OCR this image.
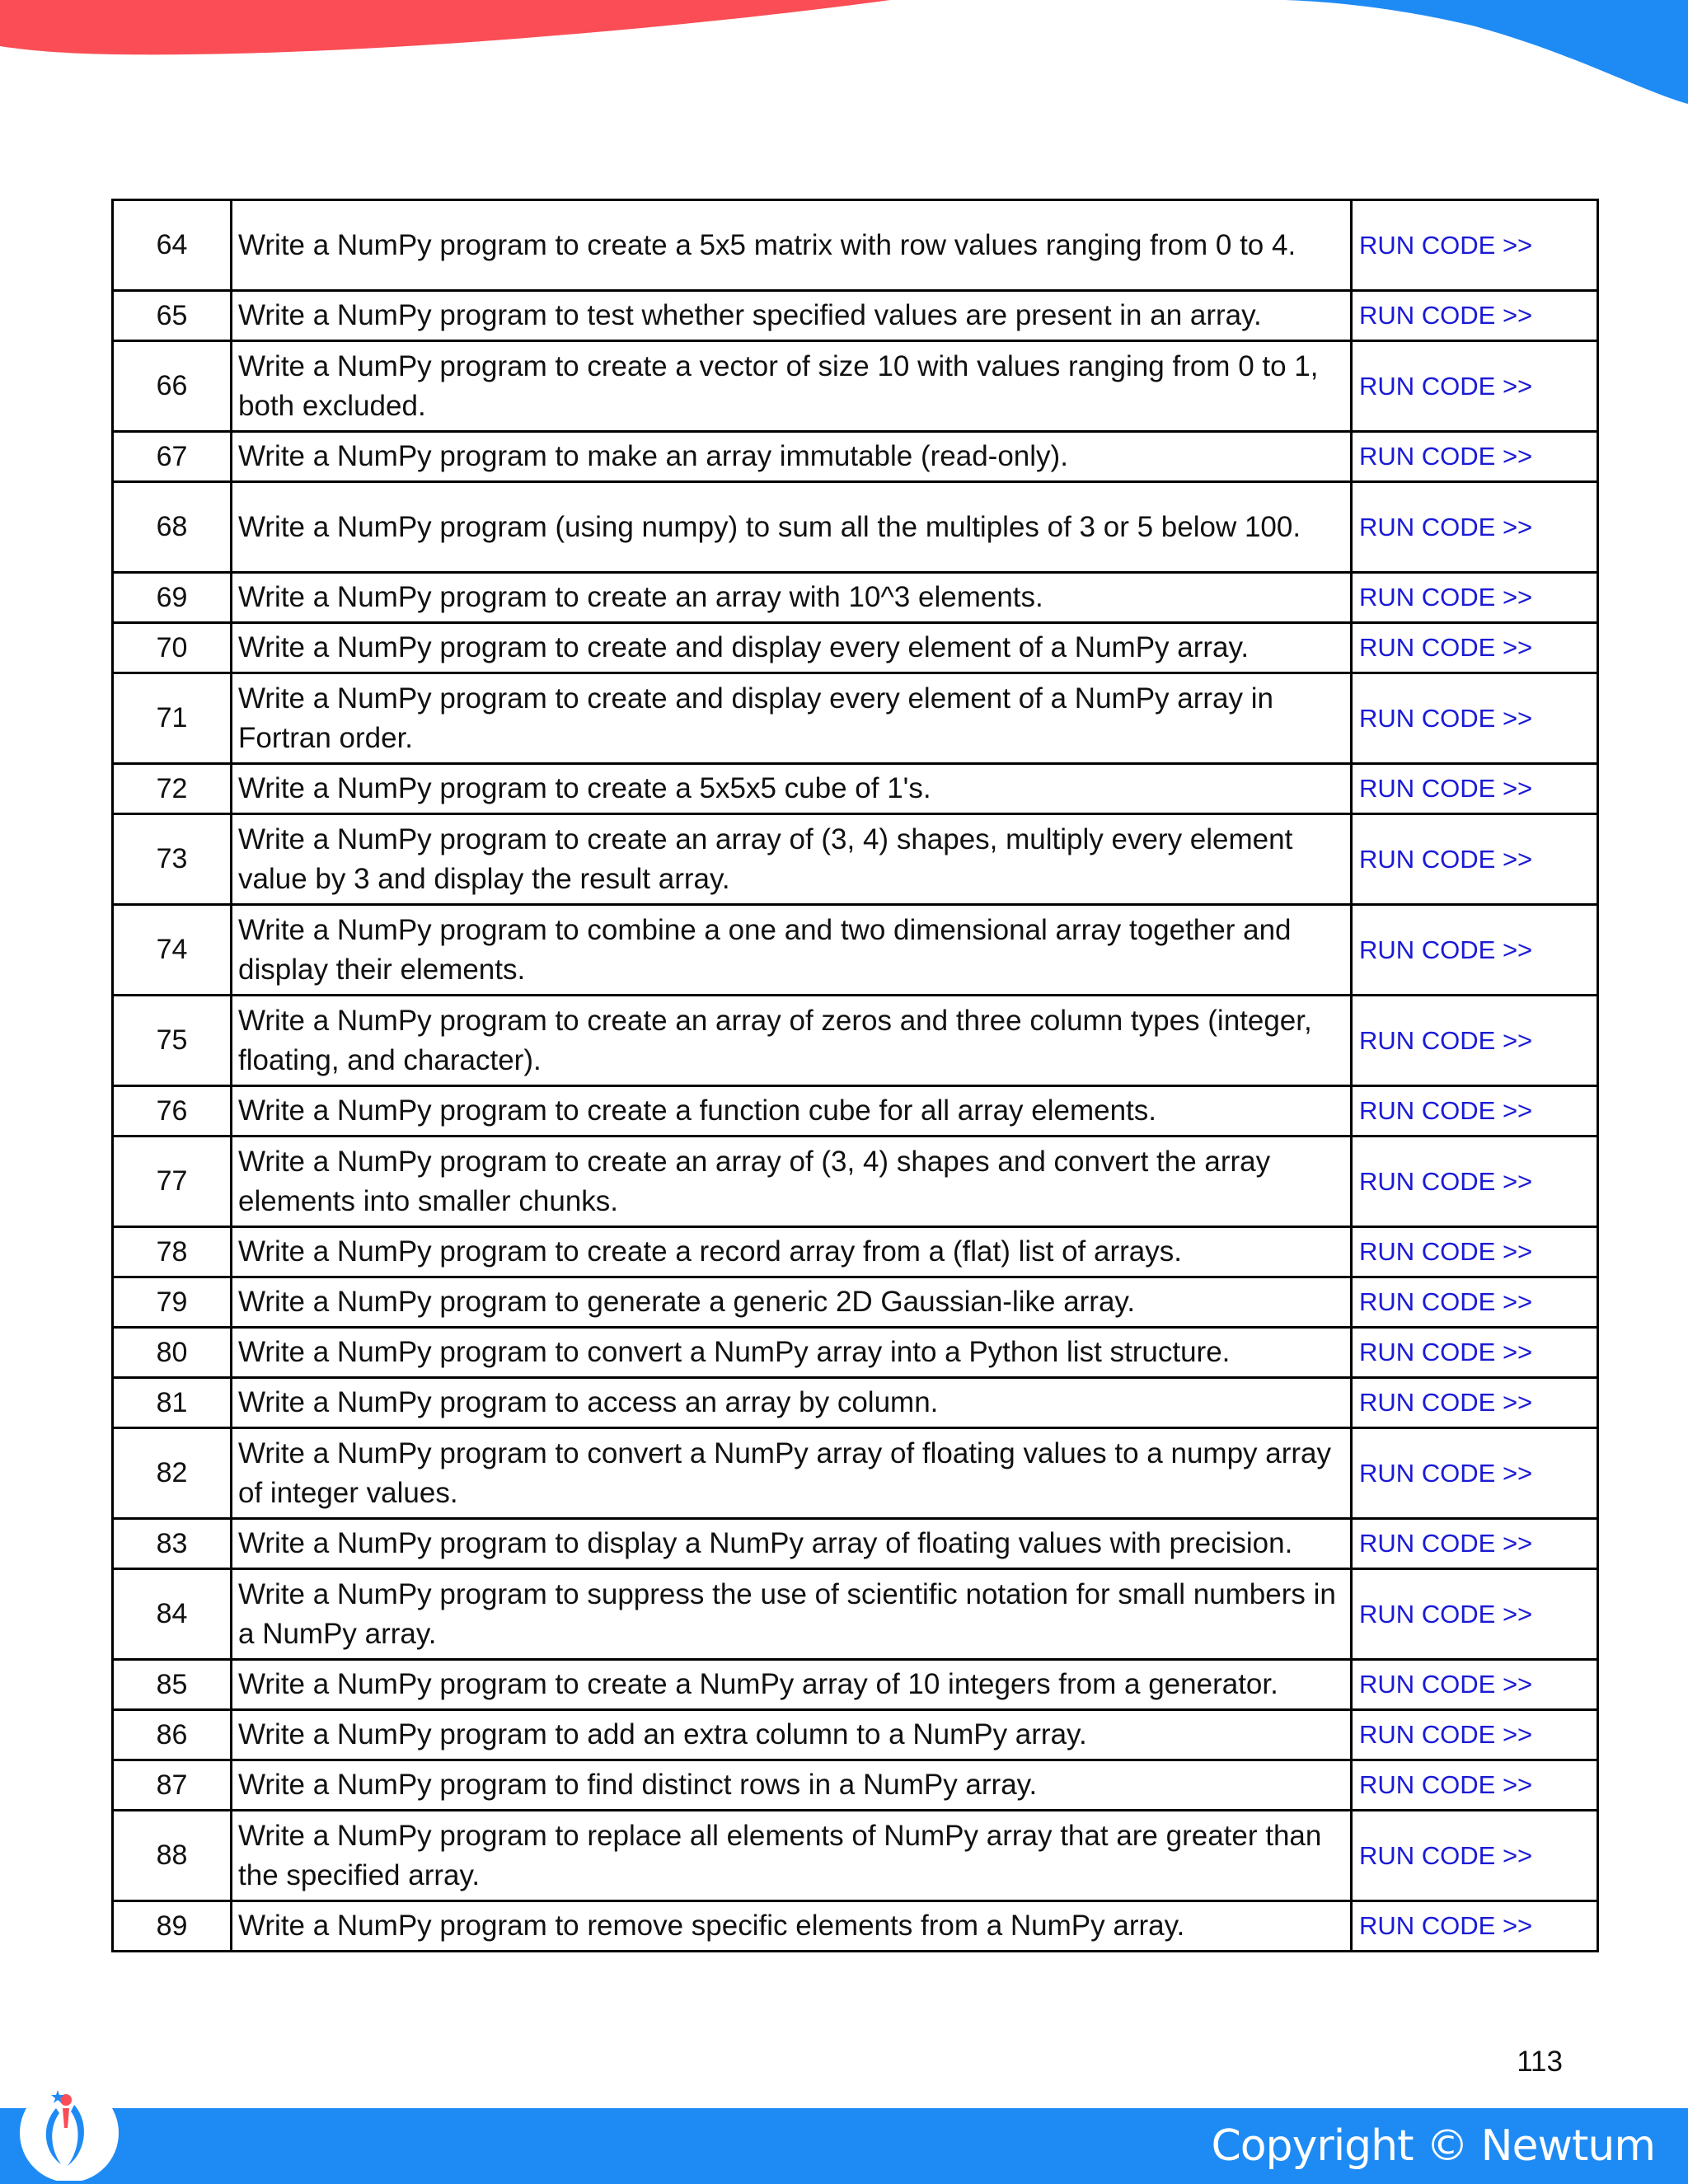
64	Write a NumPy program to create a 5x5 matrix with row values ranging from 0 to 4.	RUN CODE >>
65	Write a NumPy program to test whether specified values are present in an array.	RUN CODE >>
66	Write a NumPy program to create a vector of size 10 with values ranging from 0 to 1, both excluded.	RUN CODE >>
67	Write a NumPy program to make an array immutable (read-only).	RUN CODE >>
68	Write a NumPy program (using numpy) to sum all the multiples of 3 or 5 below 100.	RUN CODE >>
69	Write a NumPy program to create an array with 10^3 elements.	RUN CODE >>
70	Write a NumPy program to create and display every element of a NumPy array.	RUN CODE >>
71	Write a NumPy program to create and display every element of a NumPy array in Fortran order.	RUN CODE >>
72	Write a NumPy program to create a 5x5x5 cube of 1's.	RUN CODE >>
73	Write a NumPy program to create an array of (3, 4) shapes, multiply every element value by 3 and display the result array.	RUN CODE >>
74	Write a NumPy program to combine a one and two dimensional array together and display their elements.	RUN CODE >>
75	Write a NumPy program to create an array of zeros and three column types (integer, floating, and character).	RUN CODE >>
76	Write a NumPy program to create a function cube for all array elements.	RUN CODE >>
77	Write a NumPy program to create an array of (3, 4) shapes and convert the array elements into smaller chunks.	RUN CODE >>
78	Write a NumPy program to create a record array from a (flat) list of arrays.	RUN CODE >>
79	Write a NumPy program to generate a generic 2D Gaussian-like array.	RUN CODE >>
80	Write a NumPy program to convert a NumPy array into a Python list structure.	RUN CODE >>
81	Write a NumPy program to access an array by column.	RUN CODE >>
82	Write a NumPy program to convert a NumPy array of floating values to a numpy array of integer values.	RUN CODE >>
83	Write a NumPy program to display a NumPy array of floating values with precision.	RUN CODE >>
84	Write a NumPy program to suppress the use of scientific notation for small numbers in a NumPy array.	RUN CODE >>
85	Write a NumPy program to create a NumPy array of 10 integers from a generator.	RUN CODE >>
86	Write a NumPy program to add an extra column to a NumPy array.	RUN CODE >>
87	Write a NumPy program to find distinct rows in a NumPy array.	RUN CODE >>
88	Write a NumPy program to replace all elements of NumPy array that are greater than the specified array.	RUN CODE >>
89	Write a NumPy program to remove specific elements from a NumPy array.	RUN CODE >>
113
Copyright © Newtum
